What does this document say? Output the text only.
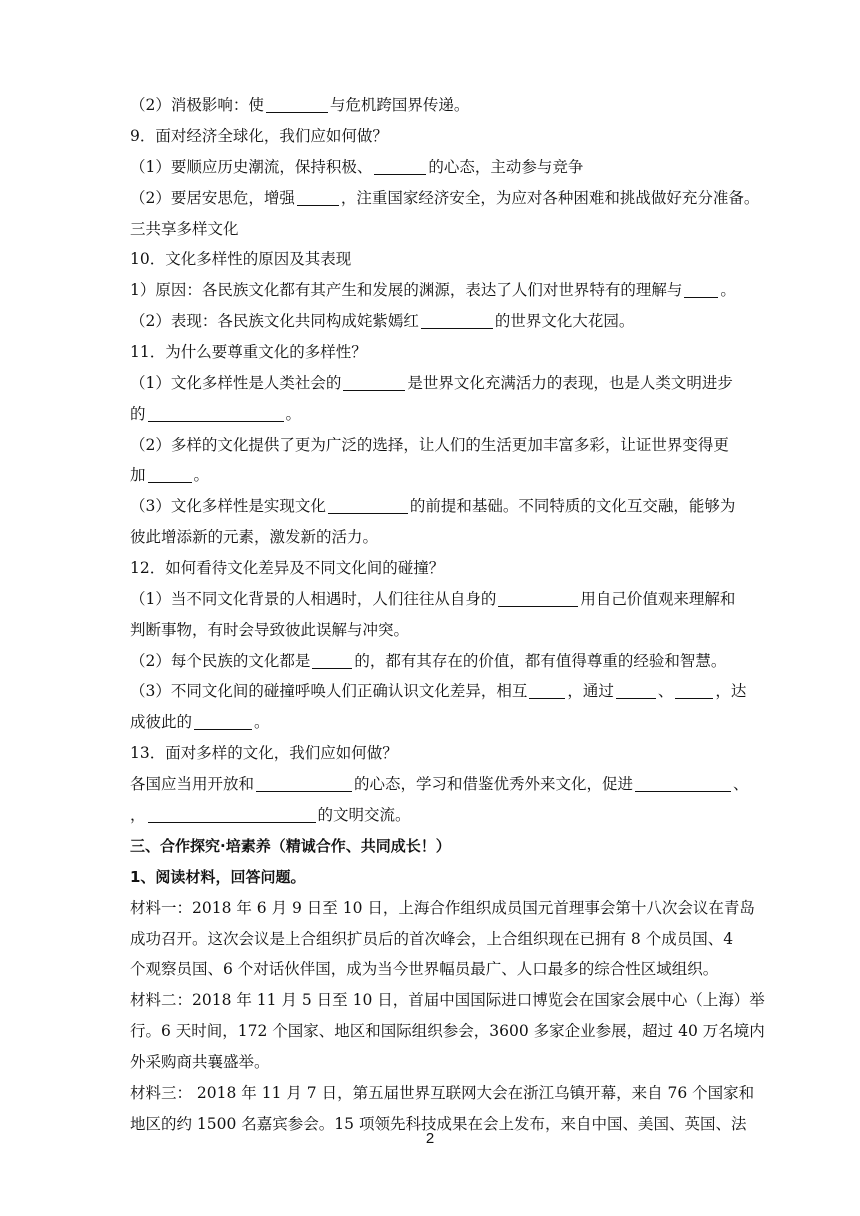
（2）消极影响：使	与危机跨国界传递。
9．面对经济全球化，我们应如何做？
（1）要顺应历史潮流，保持积极、	的心态，主动参与竞争
（2）要居安思危，增强	，注重国家经济安全，为应对各种困难和挑战做好充分准备。
三共享多样文化
10．文化多样性的原因及其表现
1）原因：各民族文化都有其产生和发展的渊源，表达了人们对世界特有的理解与 。
（2）表现：各民族文化共同构成姹紫嫣红	的世界文化大花园。
11．为什么要尊重文化的多样性？
（1）文化多样性是人类社会的	是世界文化充满活力的表现，也是人类文明进步
的	。
（2）多样的文化提供了更为广泛的选择，让人们的生活更加丰富多彩，让证世界变得更
加	。
（3）文化多样性是实现文化	的前提和基础。不同特质的文化互交融，能够为
彼此增添新的元素，激发新的活力。
12．如何看待文化差异及不同文化间的碰撞？
（1）当不同文化背景的人相遇时，人们往往从自身的	用自己价值观来理解和
判断事物，有时会导致彼此误解与冲突。
（2）每个民族的文化都是	的，都有其存在的价值，都有值得尊重的经验和智慧。
（3）不同文化间的碰撞呼唤人们正确认识文化差异，相互	，通过	、	，达
成彼此的	。
13．面对多样的文化，我们应如何做？
各国应当用开放和	的心态，学习和借鉴优秀外来文化，促进	、
，	的文明交流。
三、合作探究·培素养（精诚合作、共同成长！）
1、阅读材料，回答问题。
材料一：2018 年 6 月 9 日至 10 日，上海合作组织成员国元首理事会第十八次会议在青岛
成功召开。这次会议是上合组织扩员后的首次峰会，上合组织现在已拥有 8 个成员国、4
个观察员国、6 个对话伙伴国，成为当今世界幅员最广、人口最多的综合性区域组织。
材料二：2018 年 11 月 5 日至 10 日，首届中国国际进口博览会在国家会展中心（上海）举
行。6 天时间，172 个国家、地区和国际组织参会，3600 多家企业参展，超过 40 万名境内
外采购商共襄盛举。
材料三： 2018 年 11 月 7 日，第五届世界互联网大会在浙江乌镇开幕，来自 76 个国家和
地区的约 1500 名嘉宾参会。15 项领先科技成果在会上发布，来自中国、美国、英国、法
2
